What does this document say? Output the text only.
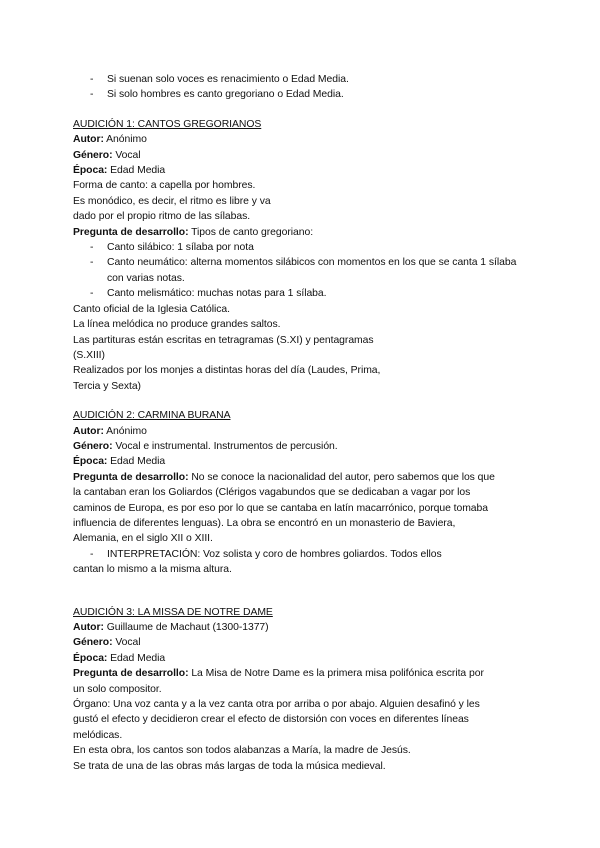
- Si suenan solo voces es renacimiento o Edad Media.
- Si solo hombres es canto gregoriano o Edad Media.
AUDICIÓN 1: CANTOS GREGORIANOS
Autor: Anónimo
Género: Vocal
Época: Edad Media
Forma de canto: a capella por hombres.
Es monódico, es decir, el ritmo es libre y va
dado por el propio ritmo de las sílabas.
Pregunta de desarrollo: Tipos de canto gregoriano:
- Canto silábico: 1 sílaba por nota
- Canto neumático: alterna momentos silábicos con momentos en los que se canta 1 sílaba con varias notas.
- Canto melismático: muchas notas para 1 sílaba.
Canto oficial de la Iglesia Católica.
La línea melódica no produce grandes saltos.
Las partituras están escritas en tetragramas (S.XI) y pentagramas
(S.XIII)
Realizados por los monjes a distintas horas del día (Laudes, Prima,
Tercia y Sexta)
AUDICIÓN 2: CARMINA BURANA
Autor: Anónimo
Género: Vocal e instrumental. Instrumentos de percusión.
Época: Edad Media
Pregunta de desarrollo: No se conoce la nacionalidad del autor, pero sabemos que los que
la cantaban eran los Goliardos (Clérigos vagabundos que se dedicaban a vagar por los
caminos de Europa, es por eso por lo que se cantaba en latín macarrónico, porque tomaba
influencia de diferentes lenguas). La obra se encontró en un monasterio de Baviera,
Alemania, en el siglo XII o XIII.
- INTERPRETACIÓN: Voz solista y coro de hombres goliardos. Todos ellos
cantan lo mismo a la misma altura.
AUDICIÓN 3: LA MISSA DE NOTRE DAME
Autor: Guillaume de Machaut (1300-1377)
Género: Vocal
Época: Edad Media
Pregunta de desarrollo: La Misa de Notre Dame es la primera misa polifónica escrita por
un solo compositor.
Órgano: Una voz canta y a la vez canta otra por arriba o por abajo. Alguien desafinó y les
gustó el efecto y decidieron crear el efecto de distorsión con voces en diferentes líneas
melódicas.
En esta obra, los cantos son todos alabanzas a María, la madre de Jesús.
Se trata de una de las obras más largas de toda la música medieval.
